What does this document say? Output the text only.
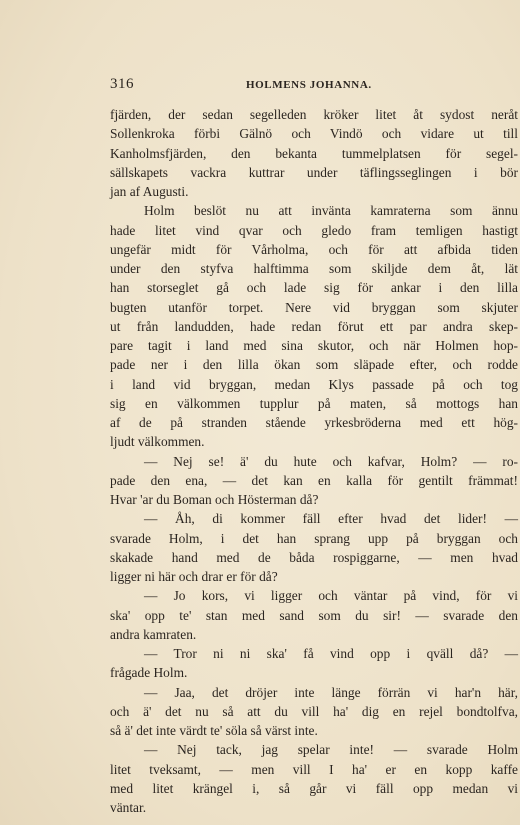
316	HOLMENS JOHANNA.
fjärden, der sedan segelleden kröker litet åt sydost neråt
Sollenkroka förbi Gälnö och Vindö och vidare ut till
Kanholmsfjärden, den bekanta tummelplatsen för segel-
sällskapets vackra kuttrar under täflingsseglingen i bör
jan af Augusti.
Holm beslöt nu att invänta kamraterna som ännu
hade litet vind qvar och gledo fram temligen hastigt
ungefär midt för Vårholma, och för att afbida tiden
under den styfva halftimma som skiljde dem åt, lät
han storseglet gå och lade sig för ankar i den lilla
bugten utanför torpet. Nere vid bryggan som skjuter
ut från landudden, hade redan förut ett par andra skep-
pare tagit i land med sina skutor, och när Holmen hop-
pade ner i den lilla ökan som släpade efter, och rodde
i land vid bryggan, medan Klys passade på och tog
sig en välkommen tupplur på maten, så mottogs han
af de på stranden stående yrkesbröderna med ett hög-
ljudt välkommen.
— Nej se! ä' du hute och kafvar, Holm? — ro-
pade den ena, — det kan en kalla för gentilt främmat!
Hvar 'ar du Boman och Hösterman då?
— Åh, di kommer fäll efter hvad det lider! —
svarade Holm, i det han sprang upp på bryggan och
skakade hand med de båda rospiggarne, — men hvad
ligger ni här och drar er för då?
— Jo kors, vi ligger och väntar på vind, för vi
ska' opp te' stan med sand som du sir! — svarade den
andra kamraten.
— Tror ni ni ska' få vind opp i qväll då? —
frågade Holm.
— Jaa, det dröjer inte länge förrän vi har'n här,
och ä' det nu så att du vill ha' dig en rejel bondtolfva,
så ä' det inte värdt te' söla så värst inte.
— Nej tack, jag spelar inte! — svarade Holm
litet tveksamt, — men vill I ha' er en kopp kaffe
med litet krängel i, så går vi fäll opp medan vi
väntar.
